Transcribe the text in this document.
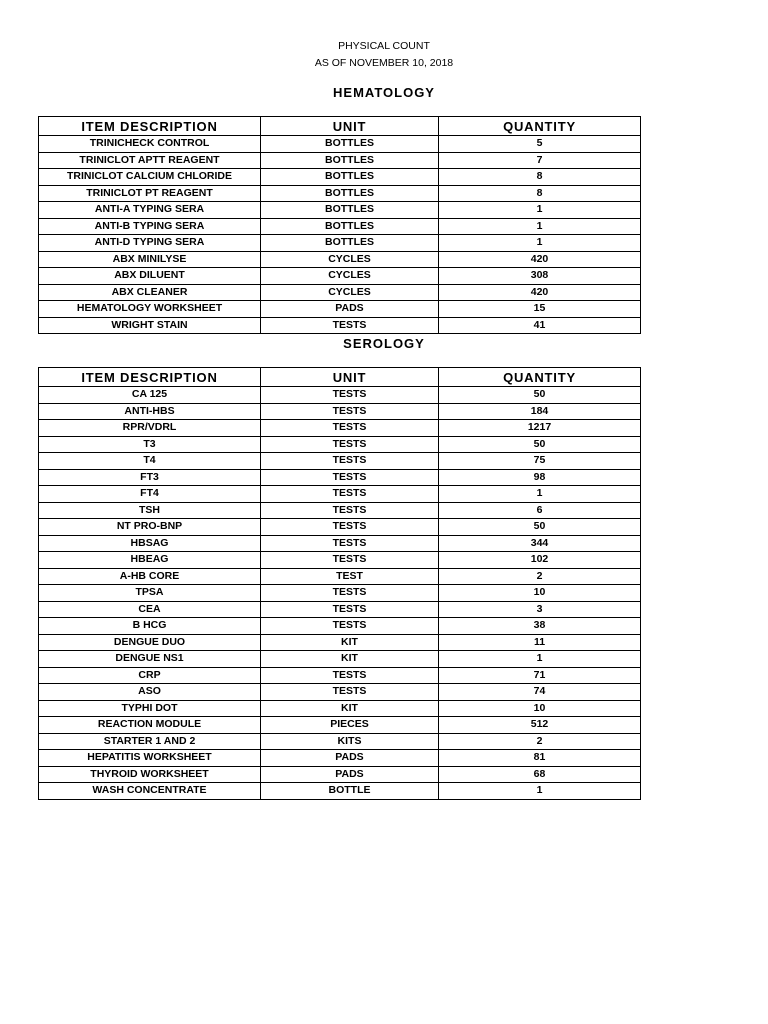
PHYSICAL COUNT
AS OF NOVEMBER 10, 2018
HEMATOLOGY
ITEM DESCRIPTION	UNIT	QUANTITY
TRINICHECK CONTROL	BOTTLES	5
TRINICLOT APTT REAGENT	BOTTLES	7
TRINICLOT CALCIUM CHLORIDE	BOTTLES	8
TRINICLOT PT REAGENT	BOTTLES	8
ANTI-A TYPING SERA	BOTTLES	1
ANTI-B TYPING SERA	BOTTLES	1
ANTI-D TYPING SERA	BOTTLES	1
ABX MINILYSE	CYCLES	420
ABX DILUENT	CYCLES	308
ABX CLEANER	CYCLES	420
HEMATOLOGY WORKSHEET	PADS	15
WRIGHT STAIN	TESTS	41
SEROLOGY
ITEM DESCRIPTION	UNIT	QUANTITY
CA 125	TESTS	50
ANTI-HBS	TESTS	184
RPR/VDRL	TESTS	1217
T3	TESTS	50
T4	TESTS	75
FT3	TESTS	98
FT4	TESTS	1
TSH	TESTS	6
NT PRO-BNP	TESTS	50
HBSAG	TESTS	344
HBEAG	TESTS	102
A-HB CORE	TEST	2
TPSA	TESTS	10
CEA	TESTS	3
B HCG	TESTS	38
DENGUE DUO	KIT	11
DENGUE NS1	KIT	1
CRP	TESTS	71
ASO	TESTS	74
TYPHI DOT	KIT	10
REACTION MODULE	PIECES	512
STARTER 1 AND 2	KITS	2
HEPATITIS WORKSHEET	PADS	81
THYROID WORKSHEET	PADS	68
WASH CONCENTRATE	BOTTLE	1
